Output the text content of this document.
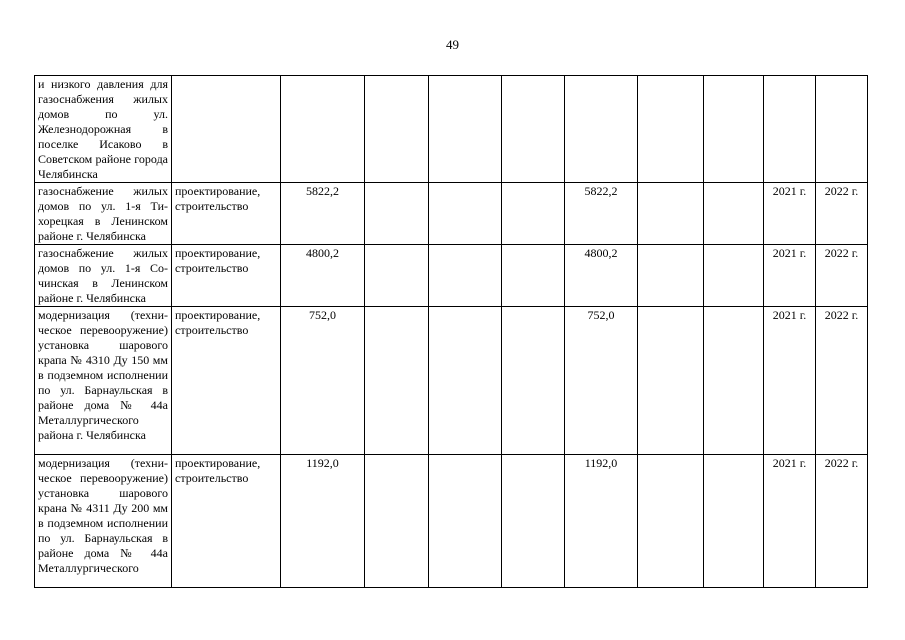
49
и низкого давления для газоснабжения жилых домов по ул. Железнодорожная в поселке Исаково в Советском районе города Челябинска										
газоснабжение жилых домов по ул. 1-я Тихорецкая в Ленинском районе г. Челябинска	проектирование, строительство	5822,2				5822,2			2021 г.	2022 г.
газоснабжение жилых домов по ул. 1-я Сочинская в Ленинском районе г. Челябинска	проектирование, строительство	4800,2				4800,2			2021 г.	2022 г.
модернизация (техническое перевооружение) установка шарового крапа № 4310 Ду 150 мм в подземном исполнении по ул. Барнаульская в районе дома № 44а Металлургического района г. Челябинска	проектирование, строительство	752,0				752,0			2021 г.	2022 г.
модернизация (техническое перевооружение) установка шарового крана № 4311 Ду 200 мм в подземном исполнении по ул. Барнаульская в районе дома № 44а Металлургического	проектирование, строительство	1192,0				1192,0			2021 г.	2022 г.
